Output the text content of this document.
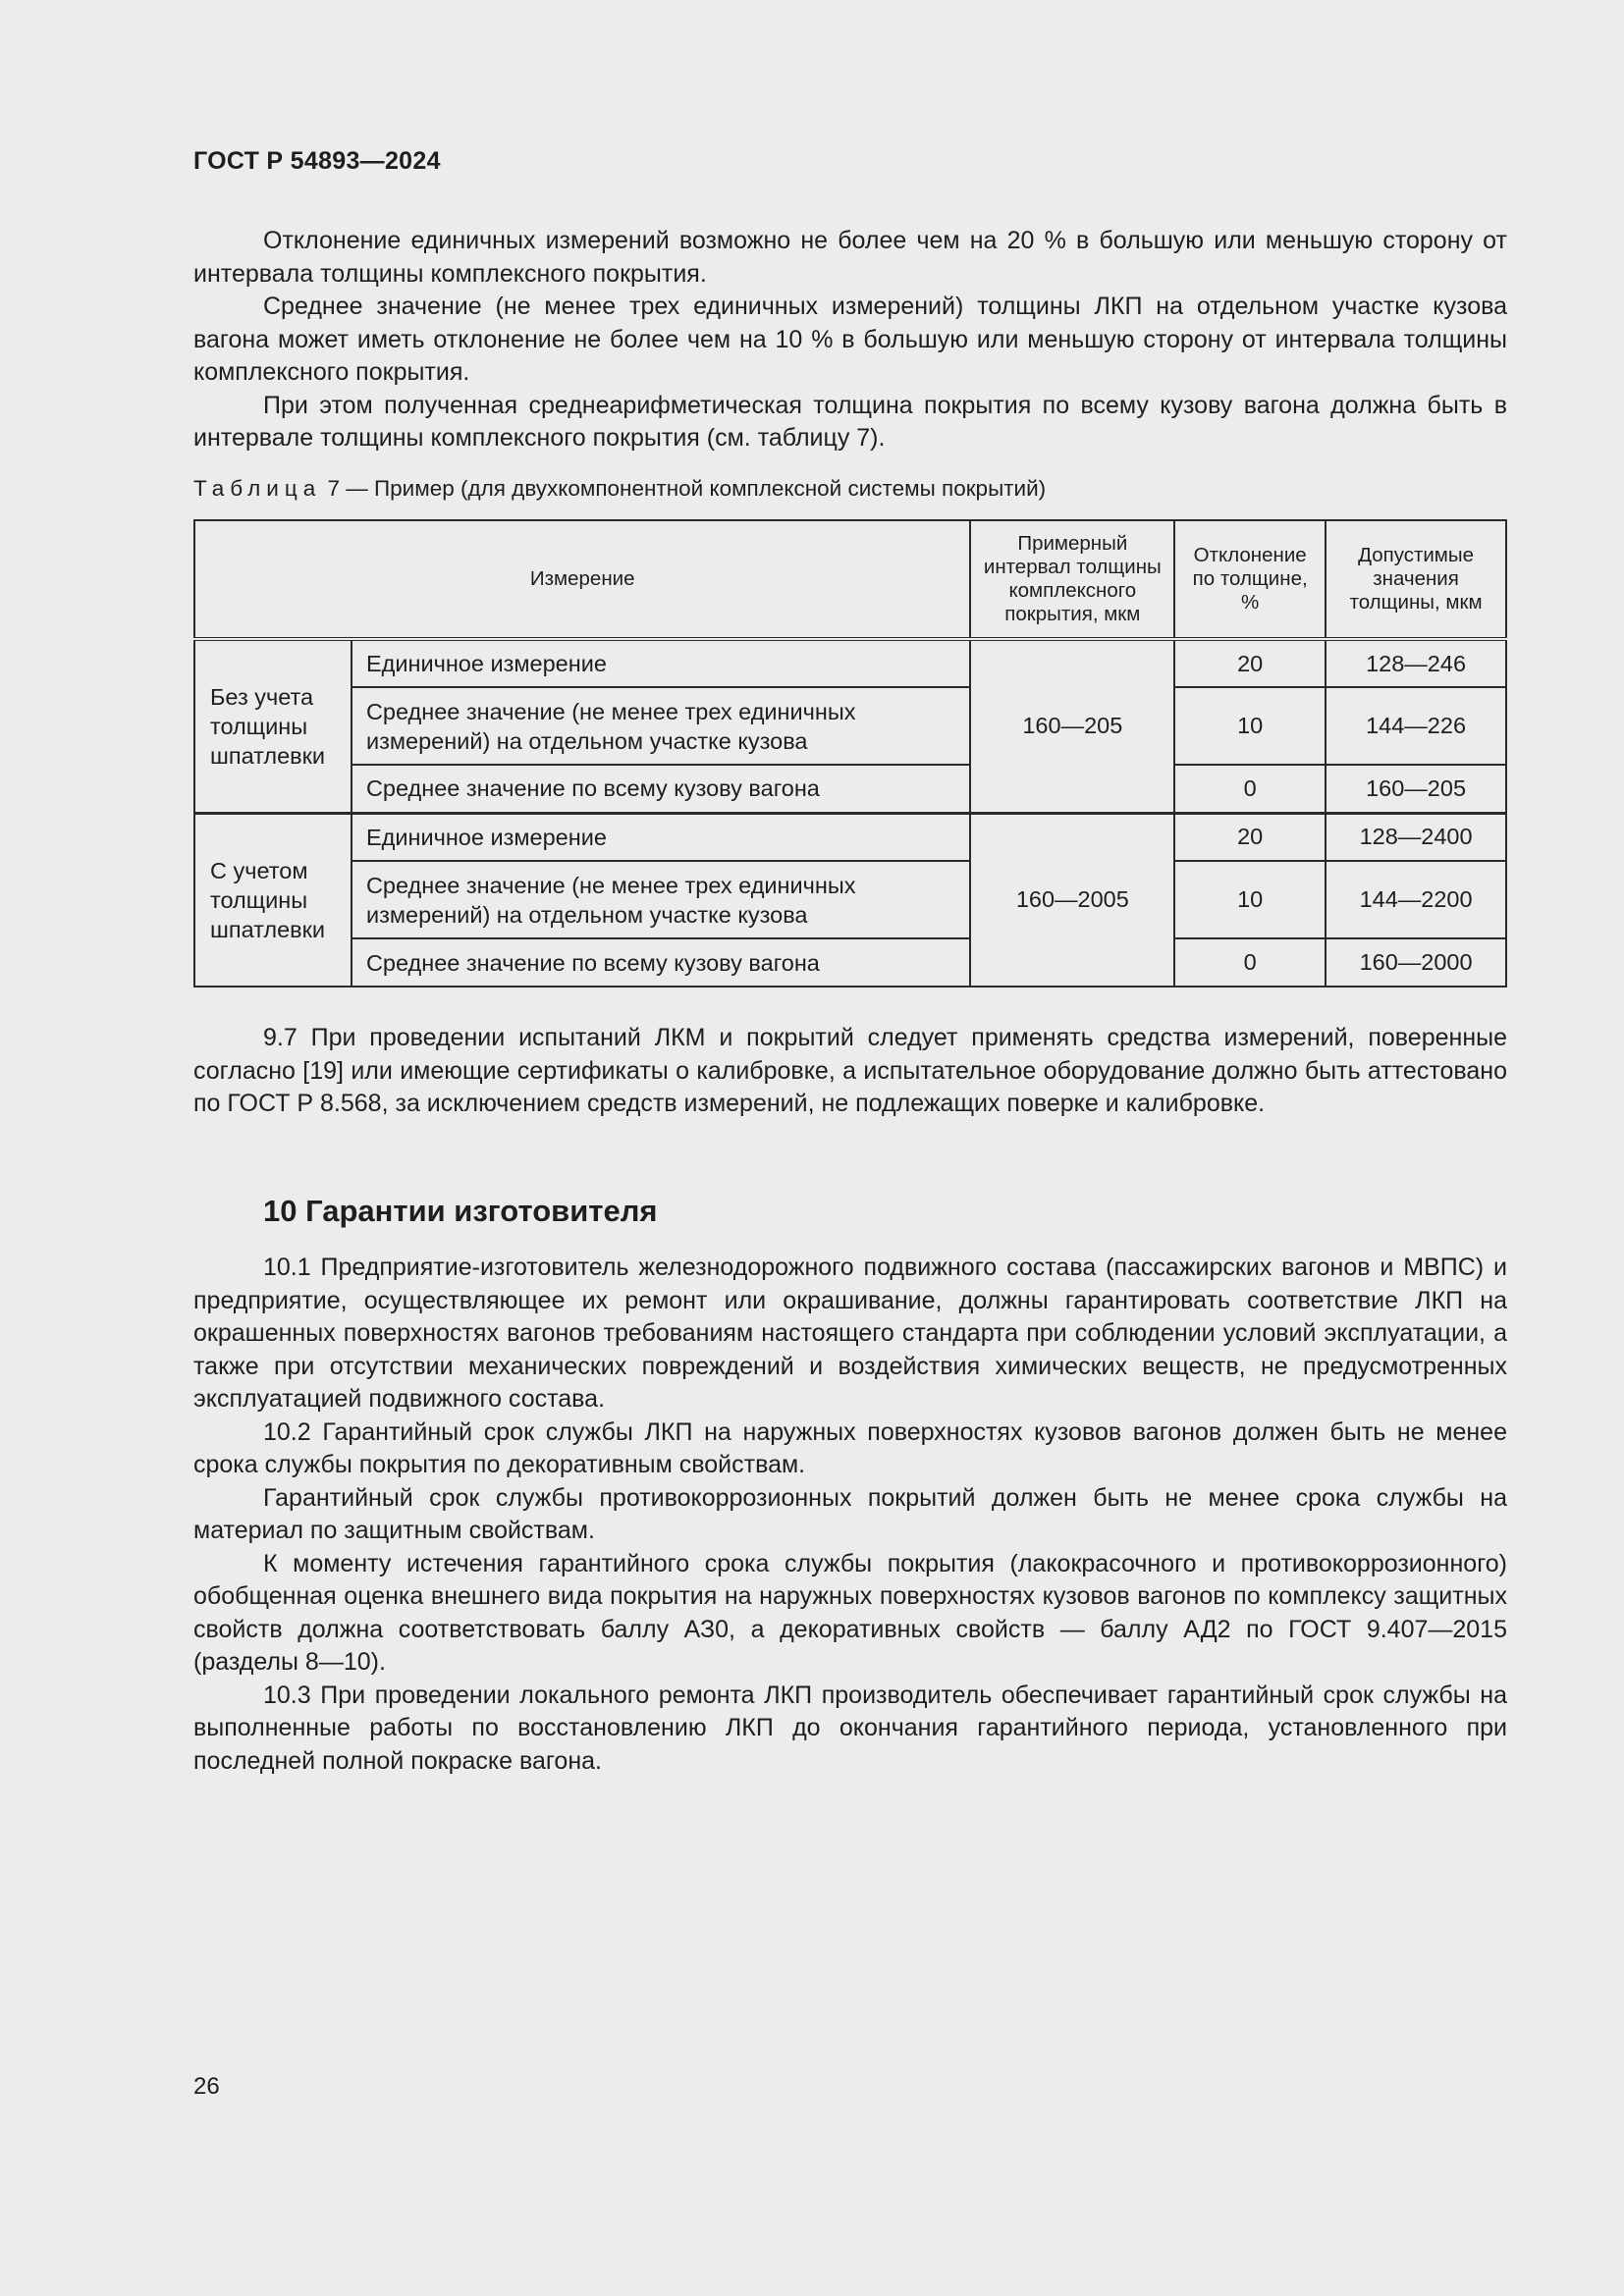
ГОСТ Р 54893—2024

Отклонение единичных измерений возможно не более чем на 20 % в большую или меньшую сторону от интервала толщины комплексного покрытия.

Среднее значение (не менее трех единичных измерений) толщины ЛКП на отдельном участке кузова вагона может иметь отклонение не более чем на 10 % в большую или меньшую сторону от интервала толщины комплексного покрытия.

При этом полученная среднеарифметическая толщина покрытия по всему кузову вагона должна быть в интервале толщины комплексного покрытия (см. таблицу 7).

Таблица 7 — Пример (для двухкомпонентной комплексной системы покрытий)
Измерение		Примерный интервал толщины комплексного покрытия, мкм	Отклонение по толщине, %	Допустимые значения толщины, мкм
Без учета толщины шпатлевки	Единичное измерение	160—205	20	128—246
	Среднее значение (не менее трех единичных измерений) на отдельном участке кузова		10	144—226
	Среднее значение по всему кузову вагона		0	160—205
С учетом толщины шпатлевки	Единичное измерение	160—2005	20	128—2400
	Среднее значение (не менее трех единичных измерений) на отдельном участке кузова		10	144—2200
	Среднее значение по всему кузову вагона		0	160—2000

9.7 При проведении испытаний ЛКМ и покрытий следует применять средства измерений, поверенные согласно [19] или имеющие сертификаты о калибровке, а испытательное оборудование должно быть аттестовано по ГОСТ Р 8.568, за исключением средств измерений, не подлежащих поверке и калибровке.

10 Гарантии изготовителя

10.1 Предприятие-изготовитель железнодорожного подвижного состава (пассажирских вагонов и МВПС) и предприятие, осуществляющее их ремонт или окрашивание, должны гарантировать соответствие ЛКП на окрашенных поверхностях вагонов требованиям настоящего стандарта при соблюдении условий эксплуатации, а также при отсутствии механических повреждений и воздействия химических веществ, не предусмотренных эксплуатацией подвижного состава.

10.2 Гарантийный срок службы ЛКП на наружных поверхностях кузовов вагонов должен быть не менее срока службы покрытия по декоративным свойствам.

Гарантийный срок службы противокоррозионных покрытий должен быть не менее срока службы на материал по защитным свойствам.

К моменту истечения гарантийного срока службы покрытия (лакокрасочного и противокоррозионного) обобщенная оценка внешнего вида покрытия на наружных поверхностях кузовов вагонов по комплексу защитных свойств должна соответствовать баллу АЗ0, а декоративных свойств — баллу АД2 по ГОСТ 9.407—2015 (разделы 8—10).

10.3 При проведении локального ремонта ЛКП производитель обеспечивает гарантийный срок службы на выполненные работы по восстановлению ЛКП до окончания гарантийного периода, установленного при последней полной покраске вагона.

26
